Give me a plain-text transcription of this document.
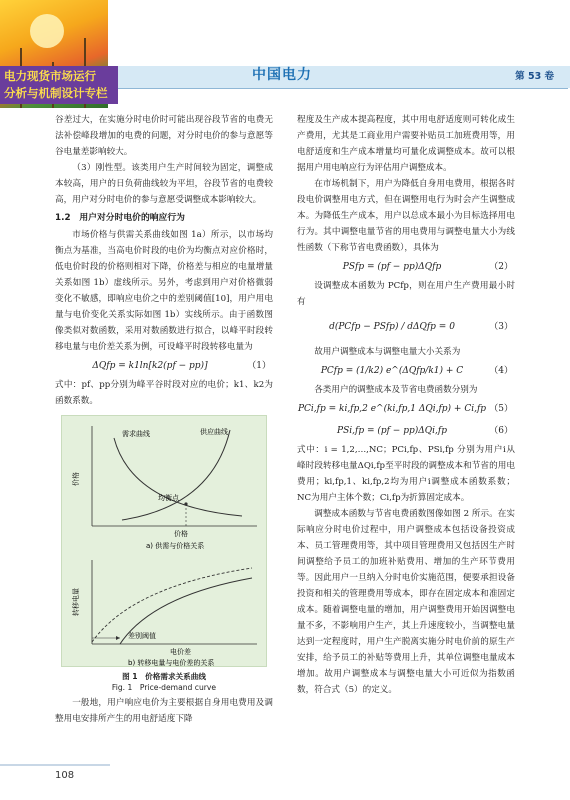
电力现货市场运行
分析与机制设计专栏
中国电力	第 53 卷

谷差过大，在实施分时电价时可能出现谷段节省的电费无法补偿峰段增加的电费的问题，对分时电价的参与意愿等谷电量差影响较大。

（3）刚性型。该类用户生产时间较为固定，调整成本较高，用户的日负荷曲线较为平坦，谷段节省的电费较高，用户对分时电价的参与意愿受调整成本影响较大。

1.2　用户对分时电价的响应行为

市场价格与供需关系曲线如图 1a）所示，以市场均衡点为基准，当高电价时段的电价为均衡点对应价格时，低电价时段的价格则相对下降，价格差与相应的电量增量关系如图 1b）虚线所示。另外，考虑到用户对价格微弱变化不敏感，即响应电价之中的差别阈值[10]，用户用电量与电价变化关系实际如图 1b）实线所示。由于函数图像类似对数函数，采用对数函数进行拟合，以峰平时段转移电量与电价差关系为例，可设峰平时段转移电量为

ΔQfp = k1ln[k2(pf − pp)]	（1）

式中：pf、pp分别为峰平谷时段对应的电价；k1、k2为函数系数。

需求曲线	供应曲线
均衡点
价格
价格
a) 供需与价格关系
差别阈值
转移电量
电价差
b) 转移电量与电价差的关系
图 1　价格需求关系曲线
Fig. 1　Price-demand curve

一般地，用户响应电价为主要根据自身用电费用及调整用电安排所产生的用电舒适度下降

程度及生产成本提高程度，其中用电舒适度则可转化成生产费用，尤其是工商业用户需要补贴员工加班费用等，用电舒适度和生产成本增量均可量化成调整成本。故可以根据用户用电响应行为评估用户调整成本。

在市场机制下，用户为降低自身用电费用，根据各时段电价调整用电方式，但在调整用电行为时会产生调整成本。为降低生产成本，用户以总成本最小为目标选择用电行为。其中调整电量节省的用电费用与调整电量大小为线性函数（下称节省电费函数），具体为

PSfp = (pf − pp)ΔQfp	（2）

设调整成本函数为 PCfp，则在用户生产费用最小时有

d(PCfp − PSfp) / dΔQfp = 0	（3）

故用户调整成本与调整电量大小关系为

PCfp = (1/k2) e^(ΔQfp/k1) + C	（4）

各类用户的调整成本及节省电费函数分别为

PCi,fp = ki,fp,2 e^(ki,fp,1 ΔQi,fp) + Ci,fp （5）
PSi,fp = (pf − pp)ΔQi,fp	（6）

式中：i = 1,2,…,NC；PCi,fp、PSi,fp 分别为用户i从峰时段转移电量ΔQi,fp至平时段的调整成本和节省的用电费用；ki,fp,1、ki,fp,2均为用户i调整成本函数系数；NC为用户主体个数；Ci,fp为折算固定成本。

调整成本函数与节省电费函数图像如图 2 所示。在实际响应分时电价过程中，用户调整成本包括设备投资成本、员工管理费用等，其中项目管理费用又包括因生产时间调整给予员工的加班补贴费用、增加的生产环节费用等。因此用户一旦纳入分时电价实施范围，便要承担设备投资和相关的管理费用等成本，即存在固定成本和准固定成本。随着调整电量的增加，用户调整费用开始因调整电量不多，不影响用户生产，其上升速度较小，当调整电量达到一定程度时，用户生产脱离实施分时电价前的原生产安排，给予员工的补贴等费用上升，其单位调整电量成本增加。故用户调整成本与调整电量大小可近似为指数函数，符合式（5）的定义。

108
